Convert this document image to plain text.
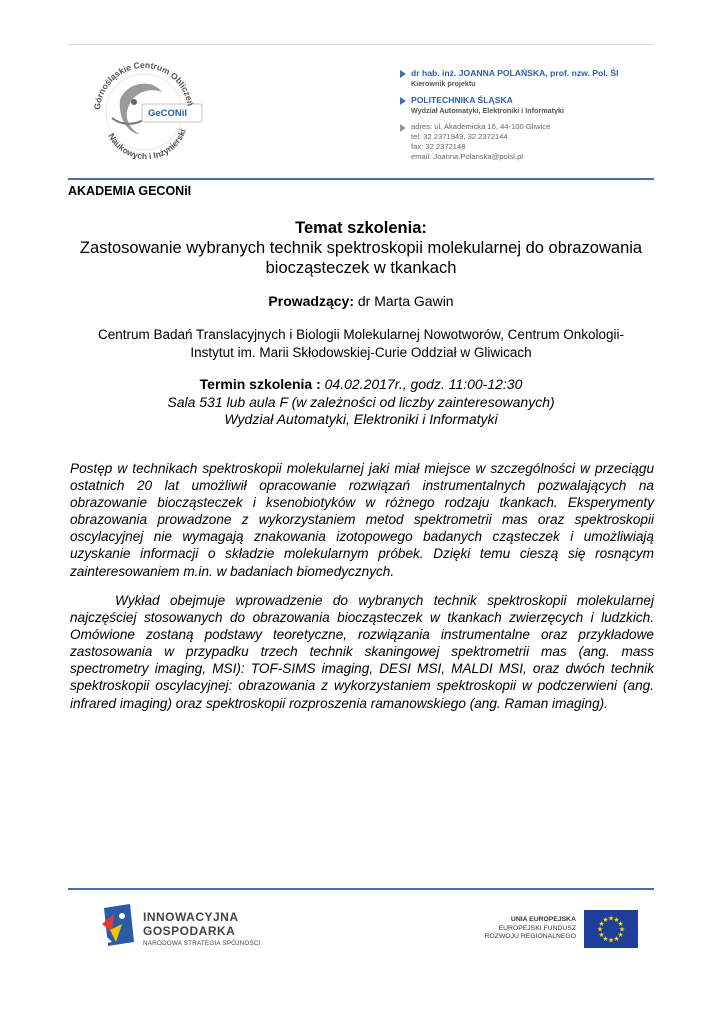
Górnośląskie Centrum Obliczeń
Naukowych i Inżynierski
GeCONiI
dr hab. inż. JOANNA POLAŃSKA, prof. nzw. Pol. Śl
Kierownik projektu
POLITECHNIKA ŚLĄSKA
Wydział Automatyki, Elektroniki i Informatyki
adres: ul. Akademicka 16, 44-100 Gliwice
tel: 32 2371949, 32 2372144
fax: 32 2372148
email: Joanna.Polanska@polsl.pl
AKADEMIA GECONiI
Temat szkolenia:
Zastosowanie wybranych technik spektroskopii molekularnej do obrazowania
biocząsteczek w tkankach
Prowadzący: dr Marta Gawin
Centrum Badań Translacyjnych i Biologii Molekularnej Nowotworów, Centrum Onkologii-
Instytut im. Marii Skłodowskiej-Curie Oddział w Gliwicach
Termin szkolenia : 04.02.2017r., godz. 11:00-12:30
Sala 531 lub aula F (w zależności od liczby zainteresowanych)
Wydział Automatyki, Elektroniki i Informatyki
Postęp w technikach spektroskopii molekularnej jaki miał miejsce w szczególności w przeciągu ostatnich 20 lat umożliwił opracowanie rozwiązań instrumentalnych pozwalających na obrazowanie biocząsteczek i ksenobiotyków w różnego rodzaju tkankach. Eksperymenty obrazowania prowadzone z wykorzystaniem metod spektrometrii mas oraz spektroskopii oscylacyjnej nie wymagają znakowania izotopowego badanych cząsteczek i umożliwiają uzyskanie informacji o składzie molekularnym próbek. Dzięki temu cieszą się rosnącym zainteresowaniem m.in. w badaniach biomedycznych.
Wykład obejmuje wprowadzenie do wybranych technik spektroskopii molekularnej najczęściej stosowanych do obrazowania biocząsteczek w tkankach zwierzęcych i ludzkich. Omówione zostaną podstawy teoretyczne, rozwiązania instrumentalne oraz przykładowe zastosowania w przypadku trzech technik skaningowej spektrometrii mas (ang. mass spectrometry imaging, MSI): TOF-SIMS imaging, DESI MSI, MALDI MSI, oraz dwóch technik spektroskopii oscylacyjnej: obrazowania z wykorzystaniem spektroskopii w podczerwieni (ang. infrared imaging) oraz spektroskopii rozproszenia ramanowskiego (ang. Raman imaging).
INNOWACYJNA
GOSPODARKA
NARODOWA STRATEGIA SPÓJNOŚCI
UNIA EUROPEJSKA
EUROPEJSKI FUNDUSZ
ROZWOJU REGIONALNEGO
★
★
★
★
★
★
★
★
★ ★ ★
★
